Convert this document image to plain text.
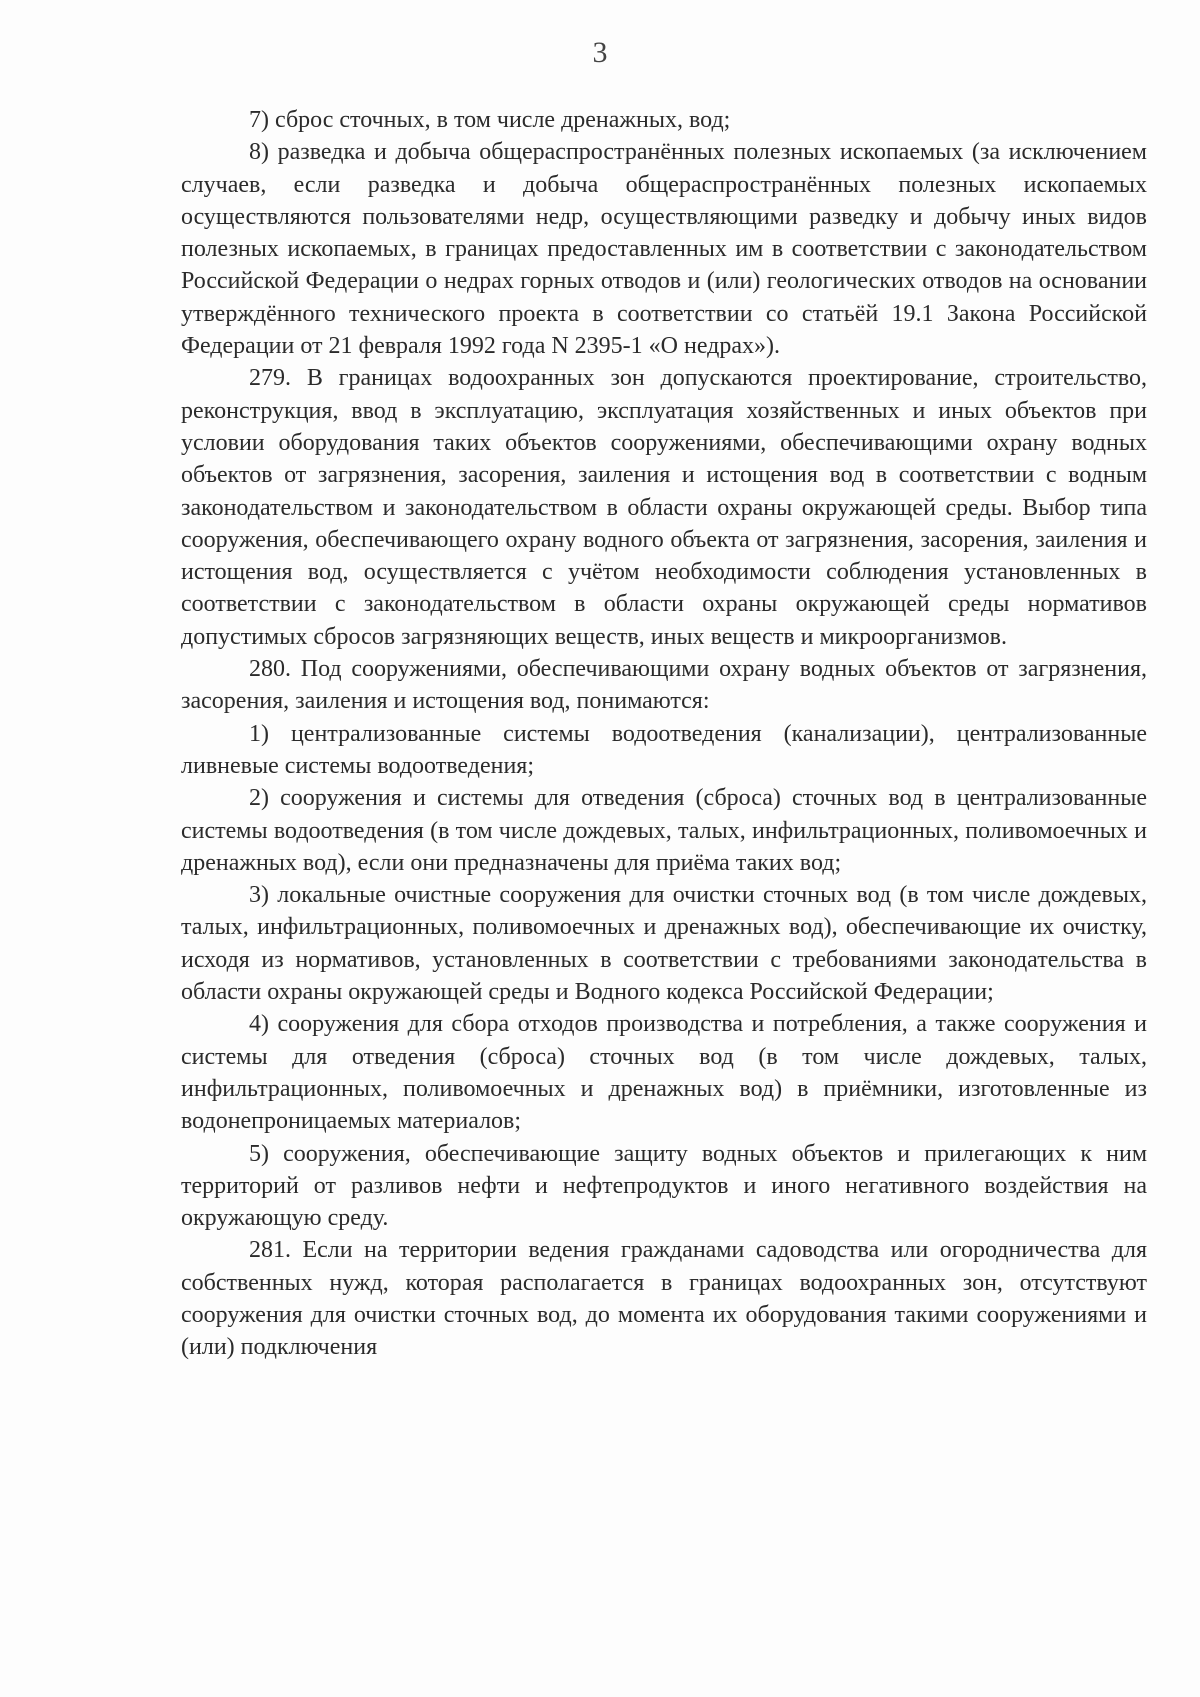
3

7) сброс сточных, в том числе дренажных, вод;

8) разведка и добыча общераспространённых полезных ископаемых (за исключением случаев, если разведка и добыча общераспространённых полезных ископаемых осуществляются пользователями недр, осуществляющими разведку и добычу иных видов полезных ископаемых, в границах предоставленных им в соответствии с законодательством Российской Федерации о недрах горных отводов и (или) геологических отводов на основании утверждённого технического проекта в соответствии со статьёй 19.1 Закона Российской Федерации от 21 февраля 1992 года N 2395-1 «О недрах»).

279. В границах водоохранных зон допускаются проектирование, строительство, реконструкция, ввод в эксплуатацию, эксплуатация хозяйственных и иных объектов при условии оборудования таких объектов сооружениями, обеспечивающими охрану водных объектов от загрязнения, засорения, заиления и истощения вод в соответствии с водным законодательством и законодательством в области охраны окружающей среды. Выбор типа сооружения, обеспечивающего охрану водного объекта от загрязнения, засорения, заиления и истощения вод, осуществляется с учётом необходимости соблюдения установленных в соответствии с законодательством в области охраны окружающей среды нормативов допустимых сбросов загрязняющих веществ, иных веществ и микроорганизмов.

280. Под сооружениями, обеспечивающими охрану водных объектов от загрязнения, засорения, заиления и истощения вод, понимаются:

1) централизованные системы водоотведения (канализации), централизованные ливневые системы водоотведения;

2) сооружения и системы для отведения (сброса) сточных вод в централизованные системы водоотведения (в том числе дождевых, талых, инфильтрационных, поливомоечных и дренажных вод), если они предназначены для приёма таких вод;

3) локальные очистные сооружения для очистки сточных вод (в том числе дождевых, талых, инфильтрационных, поливомоечных и дренажных вод), обеспечивающие их очистку, исходя из нормативов, установленных в соответствии с требованиями законодательства в области охраны окружающей среды и Водного кодекса Российской Федерации;

4) сооружения для сбора отходов производства и потребления, а также сооружения и системы для отведения (сброса) сточных вод (в том числе дождевых, талых, инфильтрационных, поливомоечных и дренажных вод) в приёмники, изготовленные из водонепроницаемых материалов;

5) сооружения, обеспечивающие защиту водных объектов и прилегающих к ним территорий от разливов нефти и нефтепродуктов и иного негативного воздействия на окружающую среду.

281. Если на территории ведения гражданами садоводства или огородничества для собственных нужд, которая располагается в границах водоохранных зон, отсутствуют сооружения для очистки сточных вод, до момента их оборудования такими сооружениями и (или) подключения
